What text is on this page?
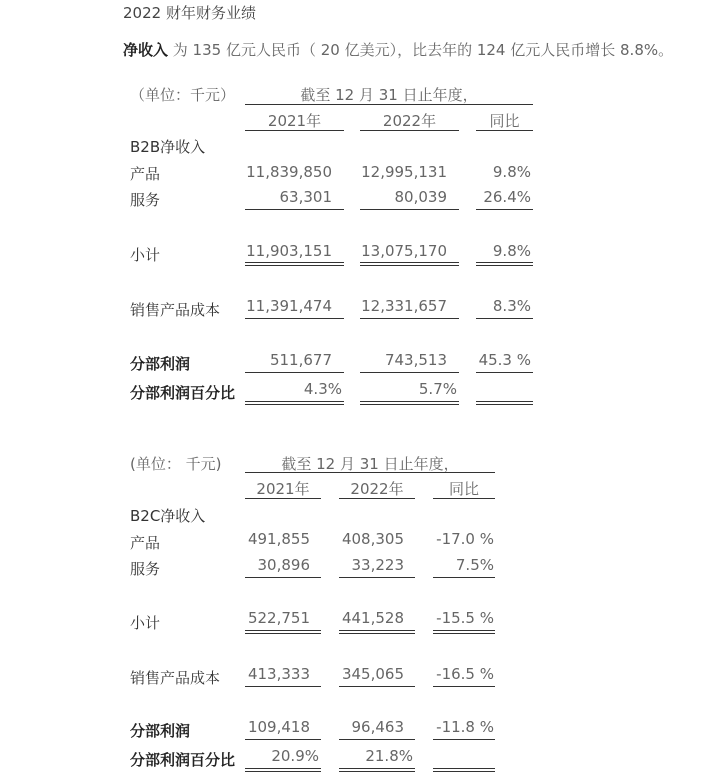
2022 财年财务业绩
净收入 为 135 亿元人民币（ 20 亿美元），比去年的 124 亿元人民币增长 8.8%。
（单位：千元）	截至 12 月 31 日止年度，
2021年	2022年	同比
B2B净收入
产品	11,839,850 12,995,131	9.8%
服务	63,301	80,039	26.4%
小计	11,903,151 13,075,170	9.8%
销售产品成本 11,391,474 12,331,657	8.3%
分部利润	511,677	743,513 45.3 %
分部利润百分比	4.3%	5.7%
(单位： 千元)	截至 12 月 31 日止年度，
2021年	2022年	同比
B2C净收入
产品	491,855 408,305 -17.0 %
服务	30,896	33,223	7.5%
小计	522,751 441,528 -15.5 %
销售产品成本 413,333 345,065 -16.5 %
分部利润	109,418	96,463 -11.8 %
分部利润百分比	20.9%	21.8%
